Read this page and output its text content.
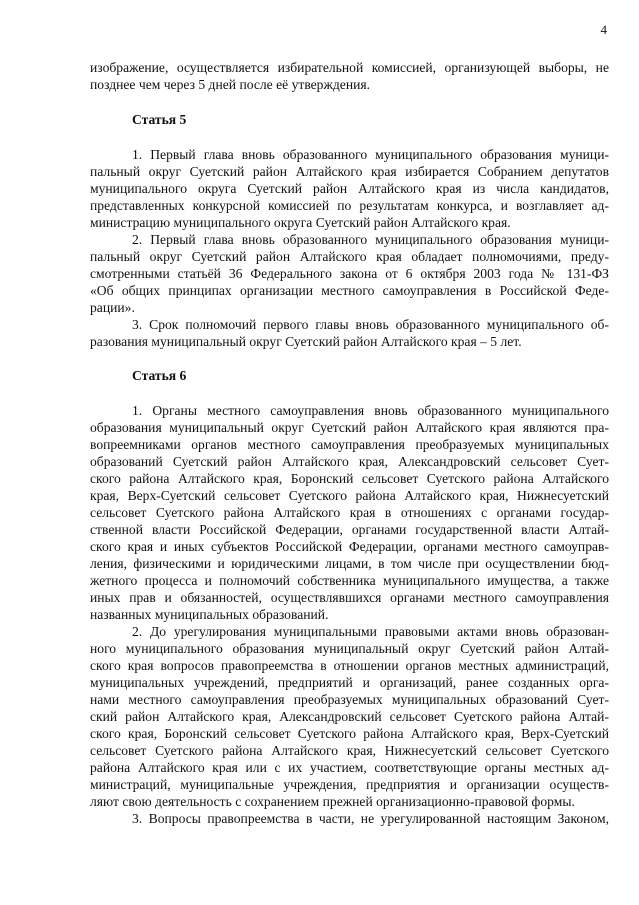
4
изображение, осуществляется избирательной комиссией, организующей выборы, не
позднее чем через 5 дней после её утверждения.
Статья 5
1. Первый глава вновь образованного муниципального образования муници-
пальный округ Суетский район Алтайского края избирается Собранием депутатов
муниципального округа Суетский район Алтайского края из числа кандидатов,
представленных конкурсной комиссией по результатам конкурса, и возглавляет ад-
министрацию муниципального округа Суетский район Алтайского края.
2. Первый глава вновь образованного муниципального образования муници-
пальный округ Суетский район Алтайского края обладает полномочиями, преду-
смотренными статьёй 36 Федерального закона от 6 октября 2003 года № 131-ФЗ
«Об общих принципах организации местного самоуправления в Российской Феде-
рации».
3. Срок полномочий первого главы вновь образованного муниципального об-
разования муниципальный округ Суетский район Алтайского края – 5 лет.
Статья 6
1. Органы местного самоуправления вновь образованного муниципального
образования муниципальный округ Суетский район Алтайского края являются пра-
вопреемниками органов местного самоуправления преобразуемых муниципальных
образований Суетский район Алтайского края, Александровский сельсовет Сует-
ского района Алтайского края, Боронский сельсовет Суетского района Алтайского
края, Верх-Суетский сельсовет Суетского района Алтайского края, Нижнесуетский
сельсовет Суетского района Алтайского края в отношениях с органами государ-
ственной власти Российской Федерации, органами государственной власти Алтай-
ского края и иных субъектов Российской Федерации, органами местного самоуправ-
ления, физическими и юридическими лицами, в том числе при осуществлении бюд-
жетного процесса и полномочий собственника муниципального имущества, а также
иных прав и обязанностей, осуществлявшихся органами местного самоуправления
названных муниципальных образований.
2. До урегулирования муниципальными правовыми актами вновь образован-
ного муниципального образования муниципальный округ Суетский район Алтай-
ского края вопросов правопреемства в отношении органов местных администраций,
муниципальных учреждений, предприятий и организаций, ранее созданных орга-
нами местного самоуправления преобразуемых муниципальных образований Сует-
ский район Алтайского края, Александровский сельсовет Суетского района Алтай-
ского края, Боронский сельсовет Суетского района Алтайского края, Верх-Суетский
сельсовет Суетского района Алтайского края, Нижнесуетский сельсовет Суетского
района Алтайского края или с их участием, соответствующие органы местных ад-
министраций, муниципальные учреждения, предприятия и организации осуществ-
ляют свою деятельность с сохранением прежней организационно-правовой формы.
3. Вопросы правопреемства в части, не урегулированной настоящим Законом,
